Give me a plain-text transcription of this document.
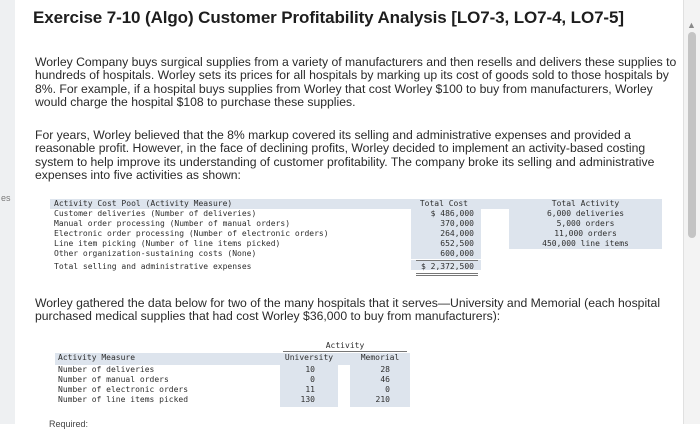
es
▲
Exercise 7-10 (Algo) Customer Profitability Analysis [LO7-3, LO7-4, LO7-5]

Worley Company buys surgical supplies from a variety of manufacturers and then resells and delivers these supplies to hundreds of hospitals. Worley sets its prices for all hospitals by marking up its cost of goods sold to those hospitals by 8%. For example, if a hospital buys supplies from Worley that cost Worley $100 to buy from manufacturers, Worley would charge the hospital $108 to purchase these supplies.

For years, Worley believed that the 8% markup covered its selling and administrative expenses and provided a reasonable profit. However, in the face of declining profits, Worley decided to implement an activity-based costing system to help improve its understanding of customer profitability. The company broke its selling and administrative expenses into five activities as shown:

Activity Cost Pool (Activity Measure)	Total Cost	Total Activity
Customer deliveries (Number of deliveries)	$ 486,000	6,000 deliveries
Manual order processing (Number of manual orders)	370,000	5,000 orders
Electronic order processing (Number of electronic orders)	264,000	11,000 orders
Line item picking (Number of line items picked)	652,500	450,000 line items
Other organization-sustaining costs (None)	600,000
Total selling and administrative expenses	$ 2,372,500

Worley gathered the data below for two of the many hospitals that it serves—University and Memorial (each hospital purchased medical supplies that had cost Worley $36,000 to buy from manufacturers):

Activity
Activity Measure	University	Memorial
Number of deliveries	10	28
Number of manual orders	0	46
Number of electronic orders	11	0
Number of line items picked	130	210
Required:
